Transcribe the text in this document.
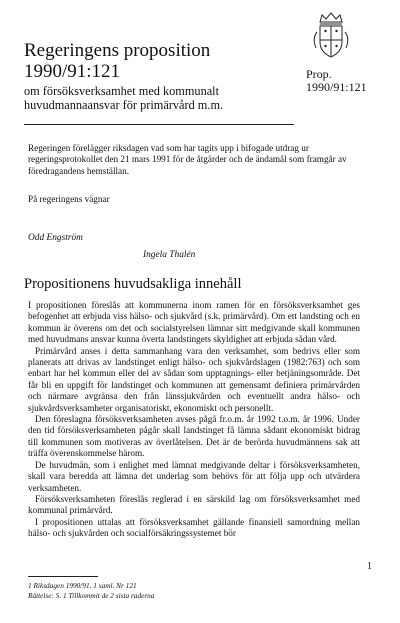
Regeringens proposition
1990/91:121
om försöksverksamhet med kommunalt
huvudmannaansvar för primärvård m.m.
Prop.
1990/91:121
Regeringen förelägger riksdagen vad som har tagits upp i bifogade utdrag ur regeringsprotokollet den 21 mars 1991 för de åtgärder och de ändamål som framgår av föredragandens hemställan.
På regeringens vägnar
Odd Engström
Ingela Thalén
Propositionens huvudsakliga innehåll

I propositionen föreslås att kommunerna inom ramen för en försöksverksamhet ges befogenhet att erbjuda viss hälso- och sjukvård (s.k. primärvård). Om ett landsting och en kommun är överens om det och socialstyrelsen lämnar sitt medgivande skall kommunen med huvudmans ansvar kunna överta landstingets skyldighet att erbjuda sådan vård.

Primärvård anses i detta sammanhang vara den verksamhet, som bedrivs eller som planerats att drivas av landstinget enligt hälso- och sjukvårdslagen (1982:763) och som enbart har hel kommun eller del av sådan som upptagnings- eller betjäningsområde. Det får bli en uppgift för landstinget och kommunen att gemensamt definiera primärvården och närmare avgränsa den från länssjukvården och eventuellt andra hälso- och sjukvårdsverksamheter organisatoriskt, ekonomiskt och personellt.

Den föreslagna försöksverksamheten avses pågå fr.o.m. år 1992 t.o.m. år 1996. Under den tid försöksverksamheten pågår skall landstinget få lämna sådant ekonomiskt bidrag till kommunen som motiveras av överlåtelsen. Det är de berörda huvudmännens sak att träffa överenskommelse härom.

De huvudmän, som i enlighet med lämnat medgivande deltar i försöksverksamheten, skall vara beredda att lämna det underlag som behövs för att följa upp och utvärdera verksamheten.

Försöksverksamheten föreslås reglerad i en särskild lag om försöksverksamhet med kommunal primärvård.

I propositionen uttalas att försöksverksamhet gällande finansiell samordning mellan hälso- och sjukvården och socialförsäkringssystemet bör

1
1 Riksdagen 1990/91. 1 saml. Nr 121
Rättelse: S. 1 Tillkommit de 2 sista raderna
